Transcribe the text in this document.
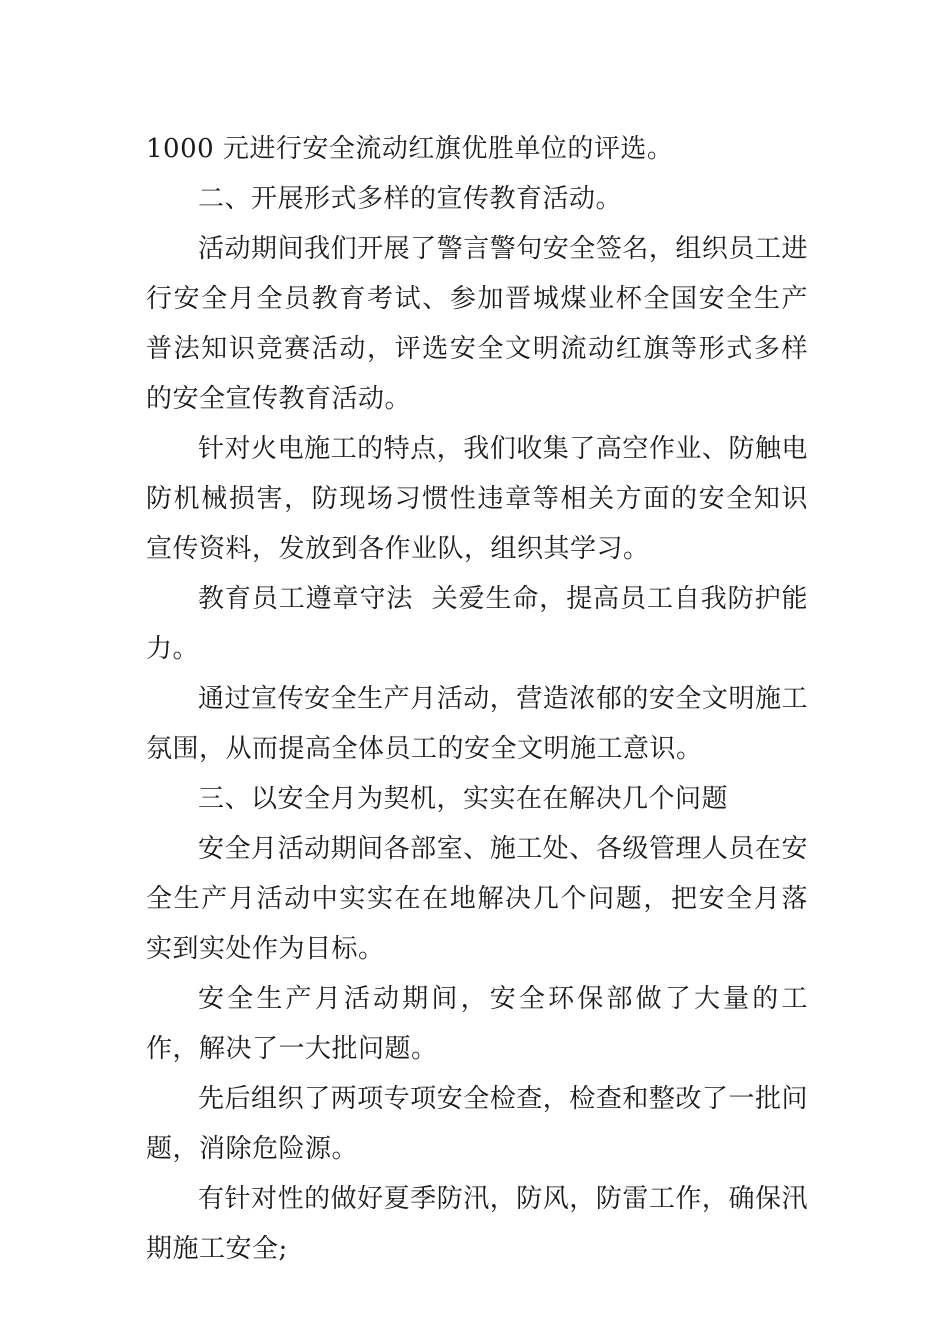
1000 元进行安全流动红旗优胜单位的评选。

二、开展形式多样的宣传教育活动。

活动期间我们开展了警言警句安全签名，组织员工进行安全月全员教育考试、参加晋城煤业杯全国安全生产普法知识竞赛活动，评选安全文明流动红旗等形式多样的安全宣传教育活动。

针对火电施工的特点，我们收集了高空作业、防触电防机械损害，防现场习惯性违章等相关方面的安全知识宣传资料，发放到各作业队，组织其学习。

教育员工遵章守法  关爱生命，提高员工自我防护能力。

通过宣传安全生产月活动，营造浓郁的安全文明施工氛围，从而提高全体员工的安全文明施工意识。

三、以安全月为契机，实实在在解决几个问题

安全月活动期间各部室、施工处、各级管理人员在安全生产月活动中实实在在地解决几个问题，把安全月落实到实处作为目标。

安全生产月活动期间，安全环保部做了大量的工  作，解决了一大批问题。

先后组织了两项专项安全检查，检查和整改了一批问题，消除危险源。

有针对性的做好夏季防汛，防风，防雷工作，确保汛期施工安全;
